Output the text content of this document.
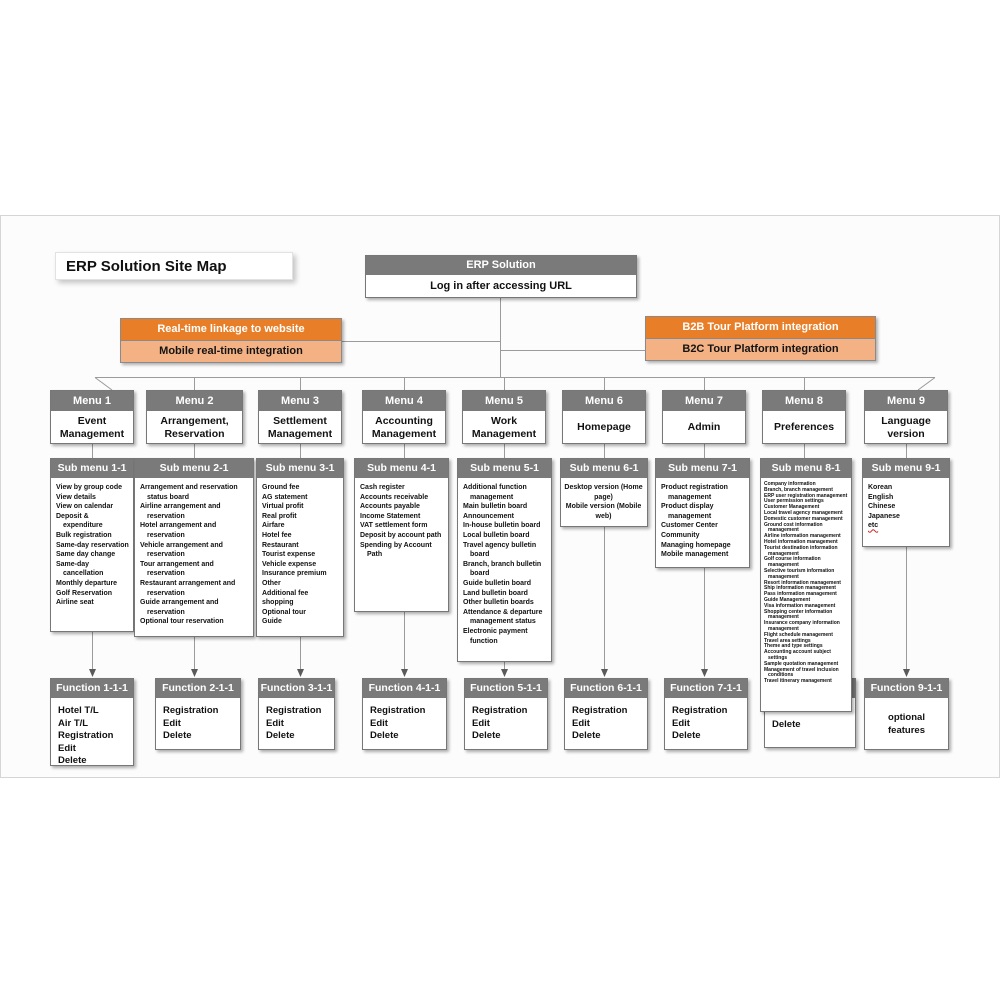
ERP Solution Site Map	ERP Solution
Log in after accessing URL
Real-time linkage to website
Mobile real-time integration
B2B Tour Platform integration
B2C Tour Platform integration
Menu 1
Event Management
Menu 2
Arrangement, Reservation
Menu 3
Settlement Management
Menu 4
Accounting Management
Menu 5
Work Management
Menu 6
Homepage
Menu 7
Admin
Menu 8
Preferences
Menu 9
Language version
Function 1-1-1
Hotel T/L
Air T/L
Registration
Edit
Delete
Function 2-1-1
Registration
Edit
Delete
Function 3-1-1
Registration
Edit
Delete
Function 4-1-1
Registration
Edit
Delete
Function 5-1-1
Registration
Edit
Delete
Function 6-1-1
Registration
Edit
Delete
Function 7-1-1
Registration
Edit
Delete
Delete
Function 9-1-1
optional features
Sub menu 1-1
View by group code
View details
View on calendar
Deposit & expenditure
Bulk registration
Same-day reservation
Same day change
Same-day cancellation
Monthly departure
Golf Reservation
Airline seat
Sub menu 2-1
Arrangement and reservation status board
Airline arrangement and reservation
Hotel arrangement and reservation
Vehicle arrangement and reservation
Tour arrangement and reservation
Restaurant arrangement and reservation
Guide arrangement and reservation
Optional tour reservation
Sub menu 3-1
Ground fee
AG statement
Virtual profit
Real profit
Airfare
Hotel fee
Restaurant
Tourist expense
Vehicle expense
Insurance premium
Other
Additional fee
shopping
Optional tour
Guide
Sub menu 4-1
Cash register
Accounts receivable
Accounts payable
Income Statement
VAT settlement form
Deposit by account path
Spending by Account Path
Sub menu 5-1
Additional function management
Main bulletin board
Announcement
In-house bulletin board
Local bulletin board
Travel agency bulletin board
Branch, branch bulletin board
Guide bulletin board
Land bulletin board
Other bulletin boards
Attendance & departure management status
Electronic payment function
Sub menu 6-1
Desktop version (Home page)
Mobile version (Mobile web)
Sub menu 7-1
Product registration management
Product display management
Customer Center
Community
Managing homepage
Mobile management
Sub menu 8-1
Company information
Branch, branch management
ERP user registration management
User permission settings
Customer Management
Local travel agency management
Domestic customer management
Ground cost information management
Airline information management
Hotel information management
Tourist destination information management
Golf course information management
Selective tourism information management
Resort information management
Ship information management
Pass information management
Guide Management
Visa information management
Shopping center information management
Insurance company information management
Flight schedule management
Travel area settings
Theme and type settings
Accounting account subject settings
Sample quotation management
Management of travel inclusion conditions
Travel itinerary management
Sub menu 9-1
Korean
English
Chinese
Japanese
etc
